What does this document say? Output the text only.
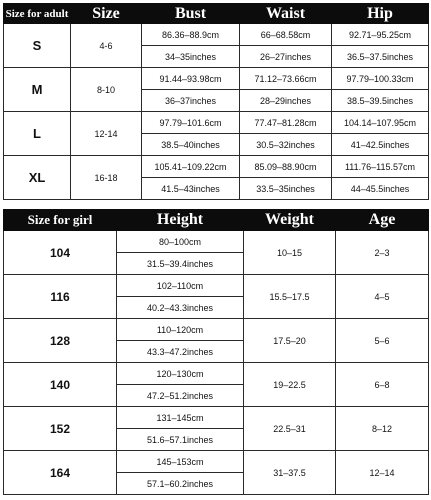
Size for adult	Size	Bust	Waist	Hip
S	4-6	86.36–88.9cm	66–68.58cm	92.71–95.25cm
		34–35inches	26–27inches	36.5–37.5inches
M	8-10	91.44–93.98cm	71.12–73.66cm	97.79–100.33cm
		36–37inches	28–29inches	38.5–39.5inches
L	12-14	97.79–101.6cm	77.47–81.28cm	104.14–107.95cm
		38.5–40inches	30.5–32inches	41–42.5inches
XL	16-18	105.41–109.22cm	85.09–88.90cm	111.76–115.57cm
		41.5–43inches	33.5–35inches	44–45.5inches
Size for girl	Height	Weight	Age
104	80–100cm	10–15	2–3
	31.5–39.4inches		
116	102–110cm	15.5–17.5	4–5
	40.2–43.3inches		
128	110–120cm	17.5–20	5–6
	43.3–47.2inches		
140	120–130cm	19–22.5	6–8
	47.2–51.2inches		
152	131–145cm	22.5–31	8–12
	51.6–57.1inches		
164	145–153cm	31–37.5	12–14
	57.1–60.2inches		
